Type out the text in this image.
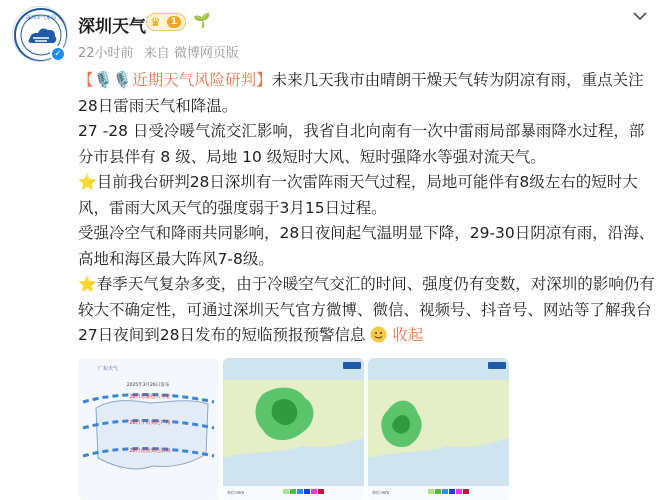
深圳市气象局
✓
深圳天气 ♛	1 🌱
22小时前 来自 微博网页版

【🎙️🎙️近期天气风险研判】未来几天我市由晴朗干燥天气转为阴凉有雨，重点关注28日雷雨天气和降温。

27 -28 日受冷暖气流交汇影响，我省自北向南有一次中雷雨局部暴雨降水过程，部分市县伴有 8 级、局地 10 级短时大风、短时强降水等强对流天气。

⭐目前我台研判28日深圳有一次雷阵雨天气过程，局地可能伴有8级左右的短时大风，雷雨大风天气的强度弱于3月15日过程。

受强冷空气和降雨共同影响，28日夜间起气温明显下降，29-30日阴凉有雨，沿海、高地和海区最大阵风7-8级。

⭐春季天气复杂多变，由于冷暖空气交汇的时间、强度仍有变数，对深圳的影响仍有较大不确定性，可通过深圳天气官方微博、微信、视频号、抖音号、网站等了解我台27日夜间到28日发布的短临预报预警信息 收起

广东天气
2025年3月26日发布
28日寒潮进入粤北
28日午后到达广州
28日夜间到达沿海
单位:mm	单位:mm
